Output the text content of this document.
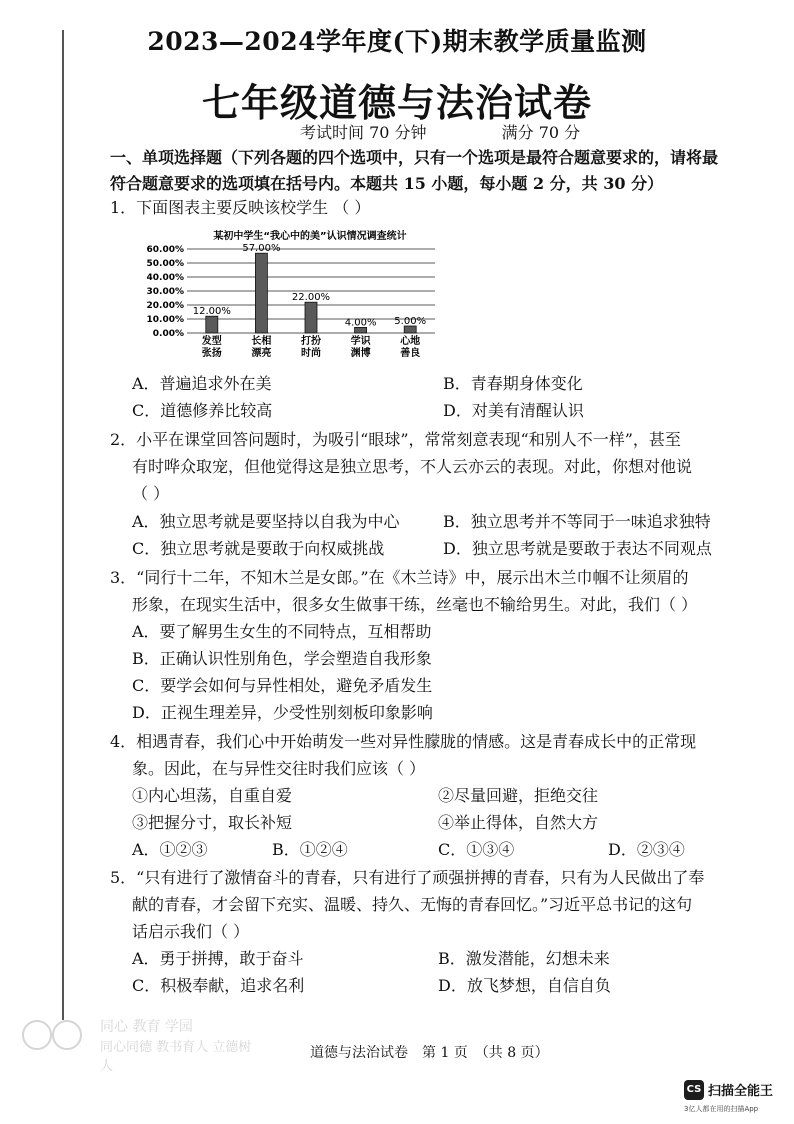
2023—2024学年度(下)期末教学质量监测
七年级道德与法治试卷
考试时间 70 分钟	满分 70 分
一、单项选择题（下列各题的四个选项中，只有一个选项是最符合题意要求的，请将最
符合题意要求的选项填在括号内。本题共 15 小题，每小题 2 分，共 30 分）
1．下面图表主要反映该校学生 （ ）
某初中学生“我心中的美”认识情况调查统计
60.00%
50.00%
40.00%
30.00%
20.00%
10.00%
0.00%
12.00%
57.00%
22.00%
4.00% 5.00%
发型
张扬
长相
漂亮
打扮
时尚
学识
渊博
心地
善良
A．普遍追求外在美	B．青春期身体变化
C．道德修养比较高	D．对美有清醒认识
2．小平在课堂回答问题时，为吸引“眼球”，常常刻意表现“和别人不一样”，甚至
有时哗众取宠，但他觉得这是独立思考，不人云亦云的表现。对此，你想对他说
（ ）
A．独立思考就是要坚持以自我为中心	B．独立思考并不等同于一味追求独特
C．独立思考就是要敢于向权威挑战	D．独立思考就是要敢于表达不同观点
3．“同行十二年，不知木兰是女郎。”在《木兰诗》中，展示出木兰巾帼不让须眉的
形象，在现实生活中，很多女生做事干练，丝毫也不输给男生。对此，我们（ ）
A．要了解男生女生的不同特点，互相帮助
B．正确认识性别角色，学会塑造自我形象
C．要学会如何与异性相处，避免矛盾发生
D．正视生理差异，少受性别刻板印象影响
4．相遇青春，我们心中开始萌发一些对异性朦胧的情感。这是青春成长中的正常现
象。因此，在与异性交往时我们应该（ ）
①内心坦荡，自重自爱	②尽量回避，拒绝交往
③把握分寸，取长补短	④举止得体，自然大方
A．①②③	B．①②④	C．①③④	D．②③④
5．“只有进行了激情奋斗的青春，只有进行了顽强拼搏的青春，只有为人民做出了奉
献的青春，才会留下充实、温暖、持久、无悔的青春回忆。”习近平总书记的这句
话启示我们（ ）
A．勇于拼搏，敢于奋斗	B．激发潜能，幻想未来
C．积极奉献，追求名利	D．放飞梦想，自信自负
同心 教育 学园
同心同德 教书育人 立德树人
道德与法治试卷　第 1 页　（共 8 页）
CS 扫描全能王
3亿人都在用的扫描App
